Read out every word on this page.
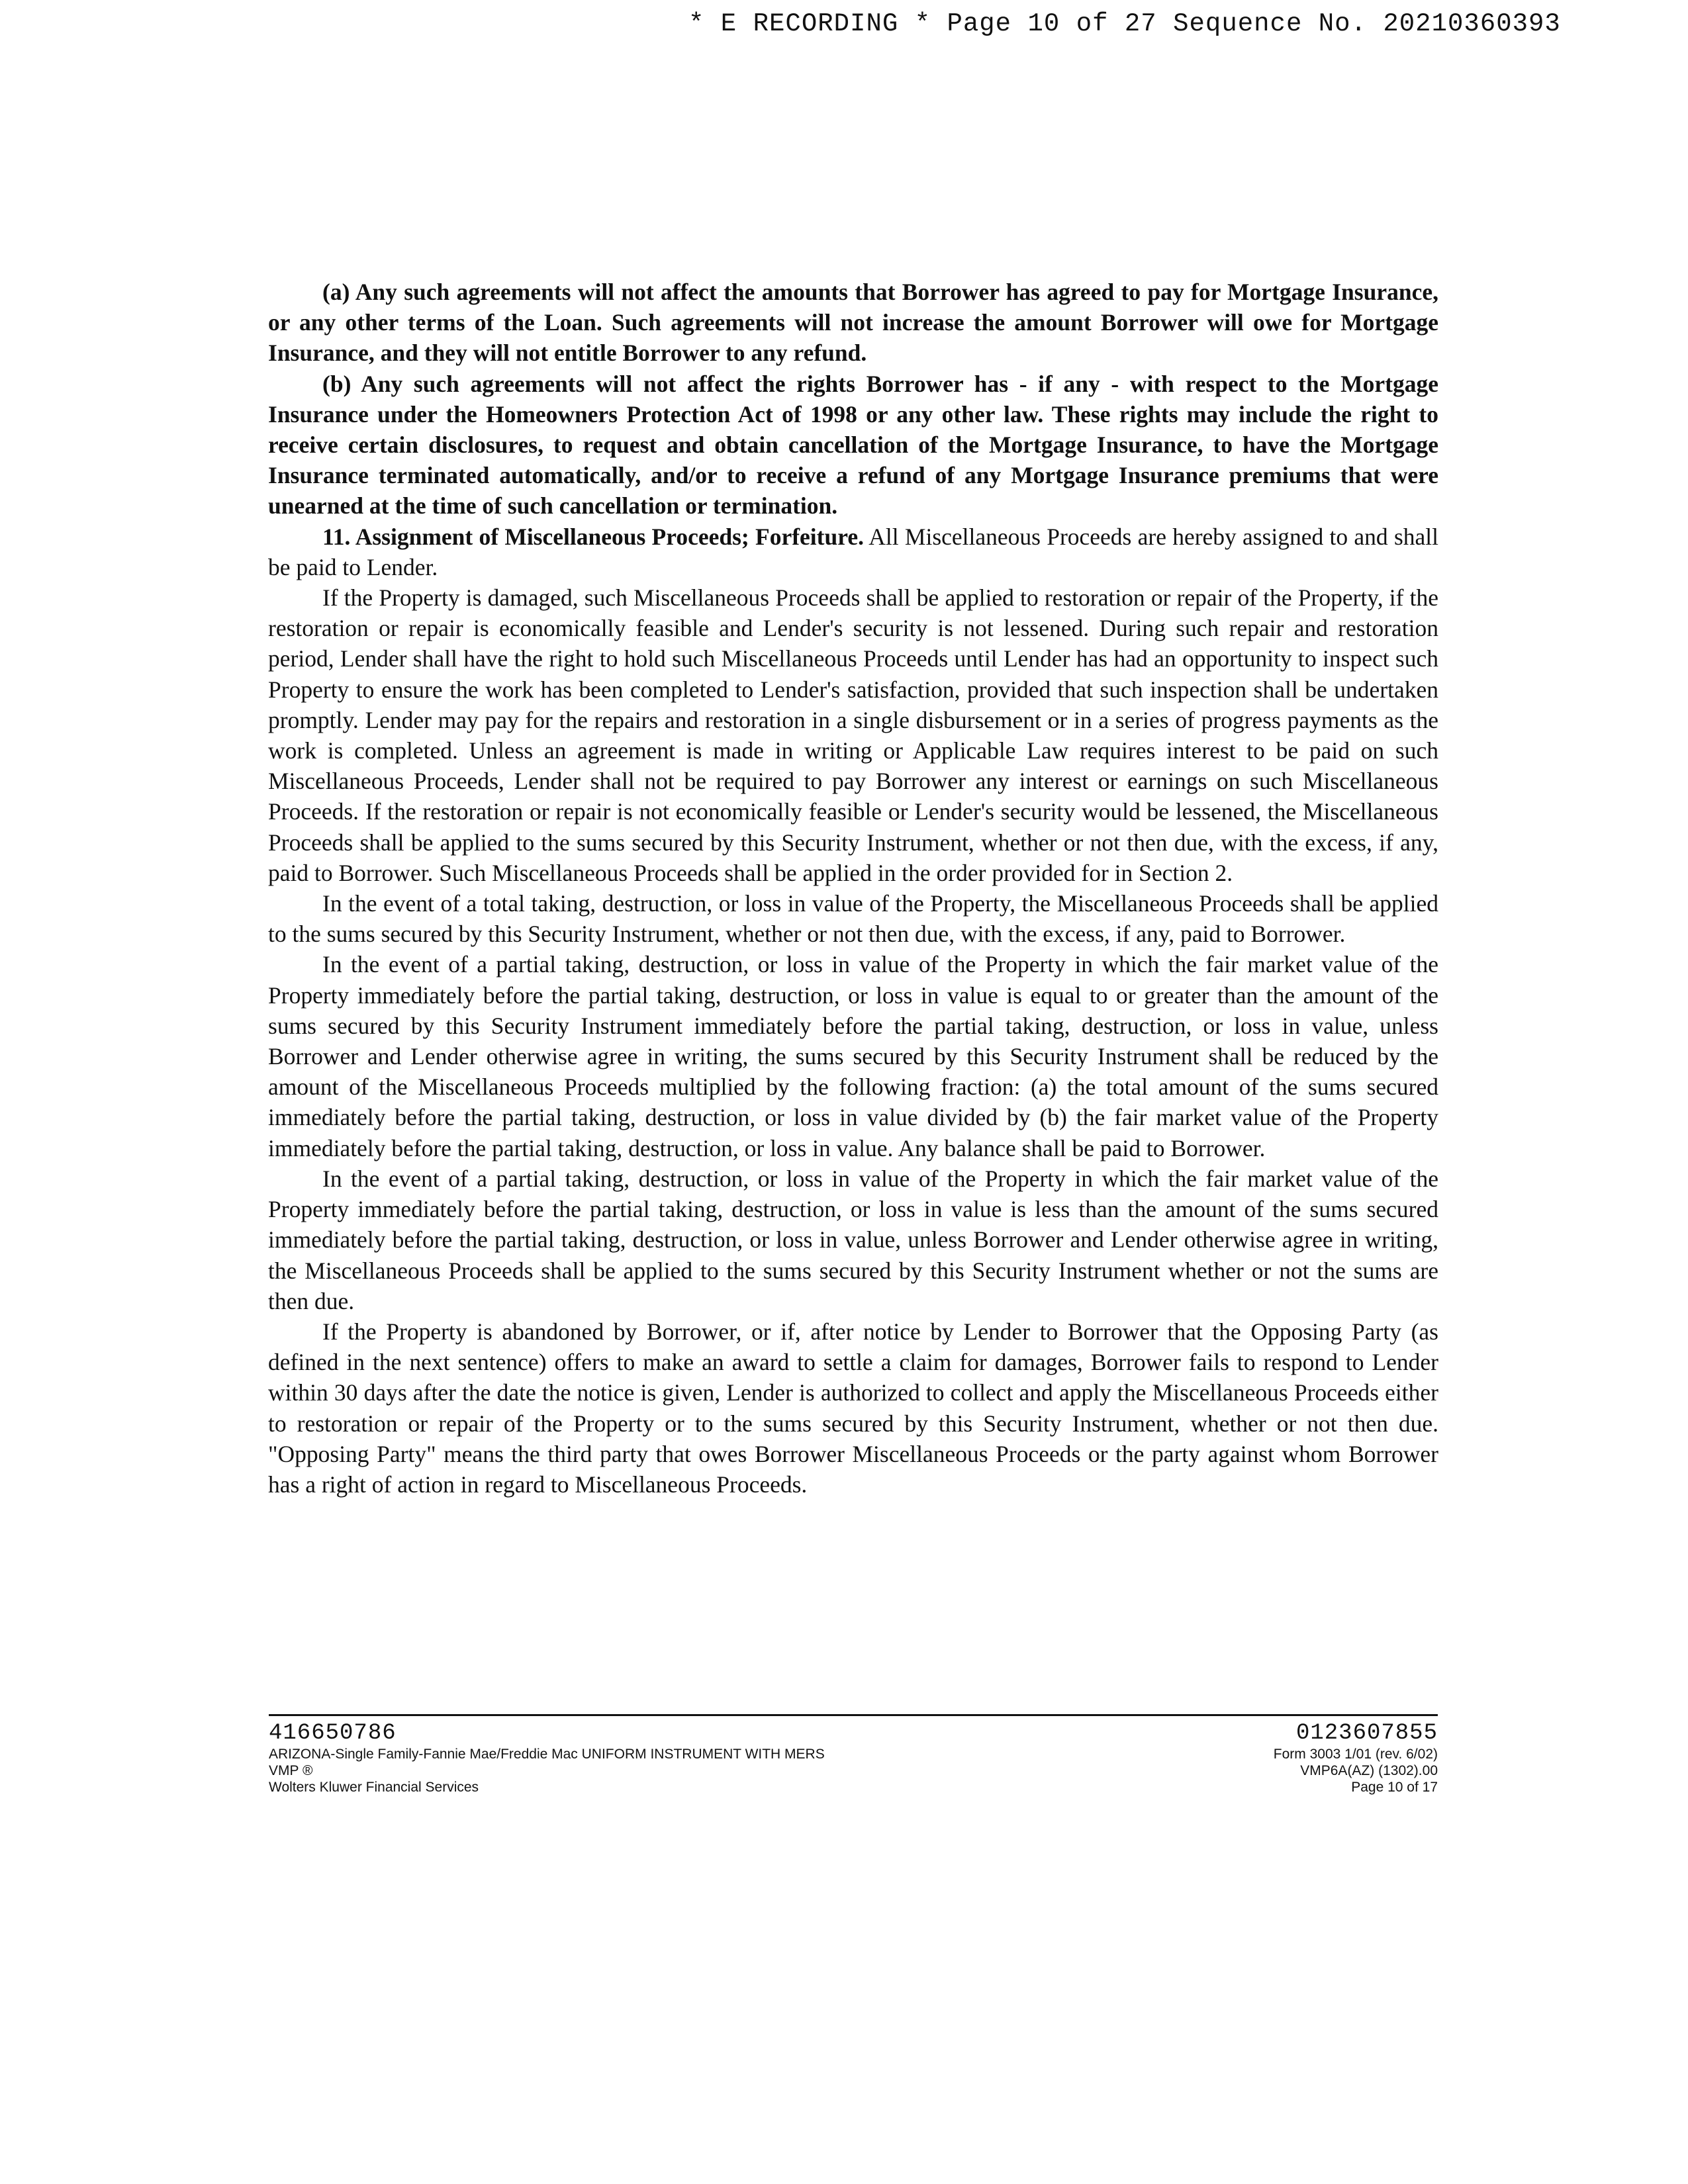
* E RECORDING * Page 10 of 27 Sequence No. 20210360393

(a) Any such agreements will not affect the amounts that Borrower has agreed to pay for Mortgage Insurance, or any other terms of the Loan. Such agreements will not increase the amount Borrower will owe for Mortgage Insurance, and they will not entitle Borrower to any refund.

(b) Any such agreements will not affect the rights Borrower has - if any - with respect to the Mortgage Insurance under the Homeowners Protection Act of 1998 or any other law. These rights may include the right to receive certain disclosures, to request and obtain cancellation of the Mortgage Insurance, to have the Mortgage Insurance terminated automatically, and/or to receive a refund of any Mortgage Insurance premiums that were unearned at the time of such cancellation or termination.

11. Assignment of Miscellaneous Proceeds; Forfeiture. All Miscellaneous Proceeds are hereby assigned to and shall be paid to Lender.

If the Property is damaged, such Miscellaneous Proceeds shall be applied to restoration or repair of the Property, if the restoration or repair is economically feasible and Lender's security is not lessened. During such repair and restoration period, Lender shall have the right to hold such Miscellaneous Proceeds until Lender has had an opportunity to inspect such Property to ensure the work has been completed to Lender's satisfaction, provided that such inspection shall be undertaken promptly. Lender may pay for the repairs and restoration in a single disbursement or in a series of progress payments as the work is completed. Unless an agreement is made in writing or Applicable Law requires interest to be paid on such Miscellaneous Proceeds, Lender shall not be required to pay Borrower any interest or earnings on such Miscellaneous Proceeds. If the restoration or repair is not economically feasible or Lender's security would be lessened, the Miscellaneous Proceeds shall be applied to the sums secured by this Security Instrument, whether or not then due, with the excess, if any, paid to Borrower. Such Miscellaneous Proceeds shall be applied in the order provided for in Section 2.

In the event of a total taking, destruction, or loss in value of the Property, the Miscellaneous Proceeds shall be applied to the sums secured by this Security Instrument, whether or not then due, with the excess, if any, paid to Borrower.

In the event of a partial taking, destruction, or loss in value of the Property in which the fair market value of the Property immediately before the partial taking, destruction, or loss in value is equal to or greater than the amount of the sums secured by this Security Instrument immediately before the partial taking, destruction, or loss in value, unless Borrower and Lender otherwise agree in writing, the sums secured by this Security Instrument shall be reduced by the amount of the Miscellaneous Proceeds multiplied by the following fraction: (a) the total amount of the sums secured immediately before the partial taking, destruction, or loss in value divided by (b) the fair market value of the Property immediately before the partial taking, destruction, or loss in value. Any balance shall be paid to Borrower.

In the event of a partial taking, destruction, or loss in value of the Property in which the fair market value of the Property immediately before the partial taking, destruction, or loss in value is less than the amount of the sums secured immediately before the partial taking, destruction, or loss in value, unless Borrower and Lender otherwise agree in writing, the Miscellaneous Proceeds shall be applied to the sums secured by this Security Instrument whether or not the sums are then due.

If the Property is abandoned by Borrower, or if, after notice by Lender to Borrower that the Opposing Party (as defined in the next sentence) offers to make an award to settle a claim for damages, Borrower fails to respond to Lender within 30 days after the date the notice is given, Lender is authorized to collect and apply the Miscellaneous Proceeds either to restoration or repair of the Property or to the sums secured by this Security Instrument, whether or not then due. "Opposing Party" means the third party that owes Borrower Miscellaneous Proceeds or the party against whom Borrower has a right of action in regard to Miscellaneous Proceeds.

416650786
ARIZONA-Single Family-Fannie Mae/Freddie Mac UNIFORM INSTRUMENT WITH MERS
VMP ®
Wolters Kluwer Financial Services
0123607855
Form 3003 1/01 (rev. 6/02)
VMP6A(AZ) (1302).00
Page 10 of 17
